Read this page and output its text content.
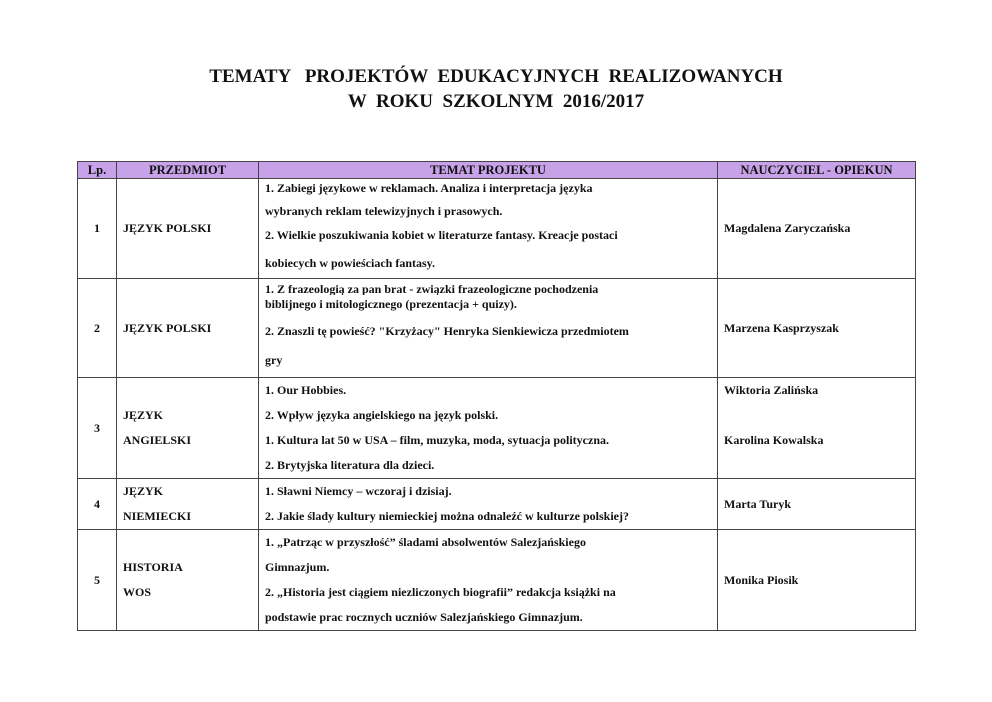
TEMATY   PROJEKTÓW  EDUKACYJNYCH  REALIZOWANYCH
W  ROKU  SZKOLNYM  2016/2017
Lp.	PRZEDMIOT	TEMAT PROJEKTU	NAUCZYCIEL - OPIEKUN
1	JĘZYK POLSKI	1. Zabiegi językowe w reklamach. Analiza i interpretacja języka
wybranych reklam telewizyjnych i prasowych.
2. Wielkie poszukiwania kobiet w literaturze fantasy. Kreacje postaci
kobiecych w powieściach fantasy.	Magdalena Zaryczańska
2	JĘZYK POLSKI	1. Z frazeologią za pan brat - związki frazeologiczne pochodzenia
biblijnego i mitologicznego (prezentacja + quizy).
2. Znaszli tę powieść? "Krzyżacy" Henryka Sienkiewicza przedmiotem
gry	Marzena Kasprzyszak
3	JĘZYK
ANGIELSKI	1. Our Hobbies.
2. Wpływ języka angielskiego na język polski.
1. Kultura lat 50 w USA – film, muzyka, moda, sytuacja polityczna.
2. Brytyjska literatura dla dzieci.	Wiktoria Zalińska
Karolina Kowalska

4	JĘZYK
NIEMIECKI	1. Sławni Niemcy – wczoraj i dzisiaj.
2. Jakie ślady kultury niemieckiej można odnaleźć w kulturze polskiej?	Marta Turyk
5	HISTORIA
WOS	1. „Patrząc w przyszłość” śladami absolwentów Salezjańskiego
Gimnazjum.
2. „Historia jest ciągiem niezliczonych biografii” redakcja książki na
podstawie prac rocznych uczniów Salezjańskiego Gimnazjum.	Monika Piosik
